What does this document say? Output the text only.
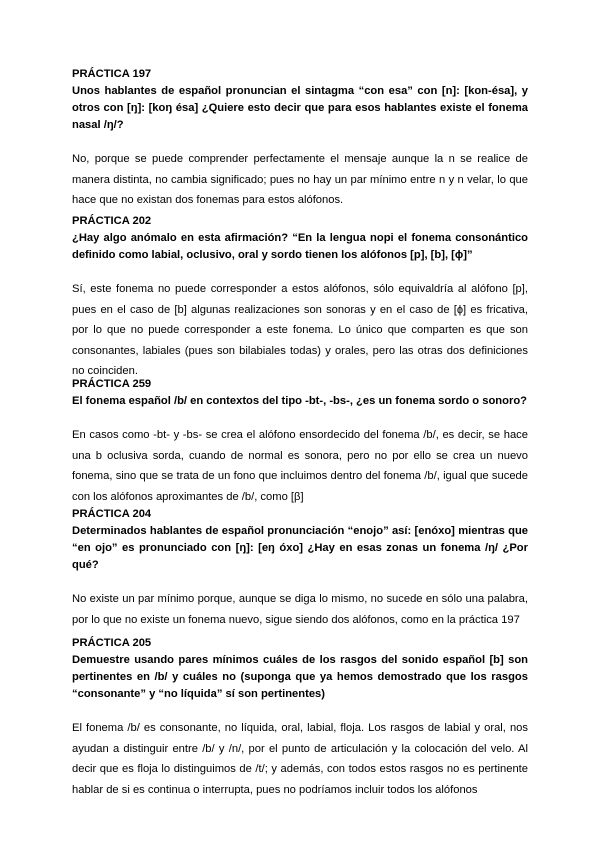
PRÁCTICA 197

Unos hablantes de español pronuncian el sintagma “con esa” con [n]: [kon-ésa], y otros con [ŋ]: [koŋ ésa] ¿Quiere esto decir que para esos hablantes existe el fonema nasal /ŋ/?

No, porque se puede comprender perfectamente el mensaje aunque la n se realice de manera distinta, no cambia significado; pues no hay un par mínimo entre n y n velar, lo que hace que no existan dos fonemas para estos alófonos.

PRÁCTICA 202

¿Hay algo anómalo en esta afirmación? “En la lengua nopi el fonema consonántico definido como labial, oclusivo, oral y sordo tienen los alófonos [p], [b], [ɸ]”

Sí, este fonema no puede corresponder a estos alófonos, sólo equivaldría al alófono [p], pues en el caso de [b] algunas realizaciones son sonoras y en el caso de [ɸ] es fricativa, por lo que no puede corresponder a este fonema. Lo único que comparten es que son consonantes, labiales (pues son bilabiales todas) y orales, pero las otras dos definiciones no coinciden.

PRÁCTICA 259

El fonema español /b/ en contextos del tipo -bt-, -bs-, ¿es un fonema sordo o sonoro?

En casos como -bt- y -bs- se crea el alófono ensordecido del fonema /b/, es decir, se hace una b oclusiva sorda, cuando de normal es sonora, pero no por ello se crea un nuevo fonema, sino que se trata de un fono que incluimos dentro del fonema /b/, igual que sucede con los alófonos aproximantes de /b/, como [β]

PRÁCTICA 204

Determinados hablantes de español pronunciación “enojo” así: [enóxo] mientras que “en ojo” es pronunciado con [ŋ]: [eŋ óxo] ¿Hay en esas zonas un fonema /ŋ/ ¿Por qué?

No existe un par mínimo porque, aunque se diga lo mismo, no sucede en sólo una palabra, por lo que no existe un fonema nuevo, sigue siendo dos alófonos, como en la práctica 197

PRÁCTICA 205

Demuestre usando pares mínimos cuáles de los rasgos del sonido español [b] son pertinentes en /b/ y cuáles no (suponga que ya hemos demostrado que los rasgos “consonante” y “no líquida” sí son pertinentes)

El fonema /b/ es consonante, no líquida, oral, labial, floja. Los rasgos de labial y oral, nos ayudan a distinguir entre /b/ y /n/, por el punto de articulación y la colocación del velo. Al decir que es floja lo distinguimos de /t/; y además, con todos estos rasgos no es pertinente hablar de si es continua o interrupta, pues no podríamos incluir todos los alófonos
